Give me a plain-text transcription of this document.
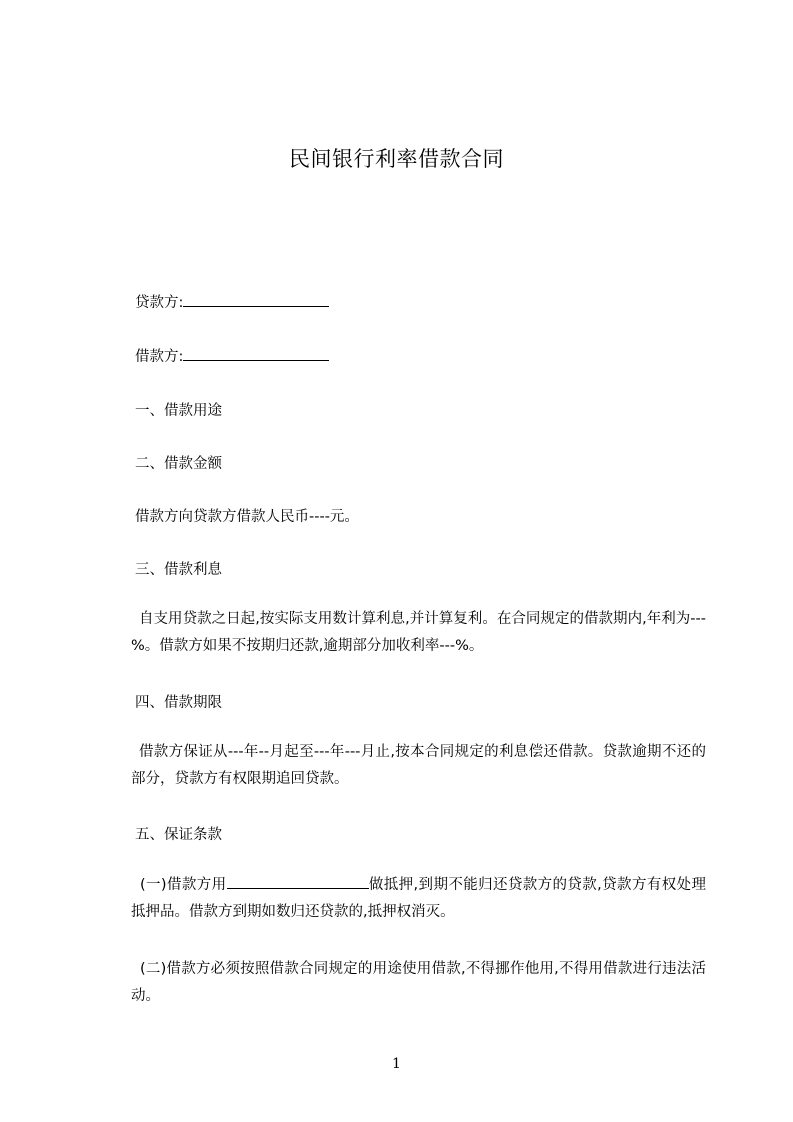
民间银行利率借款合同
贷款方:
借款方:
一、借款用途
二、借款金额
借款方向贷款方借款人民币----元。
三、借款利息
自支用贷款之日起,按实际支用数计算利息,并计算复利。在合同规定的借款期内,年利为---%。借款方如果不按期归还款,逾期部分加收利率---%。
四、借款期限
借款方保证从---年--月起至---年---月止,按本合同规定的利息偿还借款。贷款逾期不还的部分，贷款方有权限期追回贷款。
五、保证条款
(一)借款方用	做抵押,到期不能归还贷款方的贷款,贷款方有权处理抵押品。借款方到期如数归还贷款的,抵押权消灭。
(二)借款方必须按照借款合同规定的用途使用借款,不得挪作他用,不得用借款进行违法活动。
1
